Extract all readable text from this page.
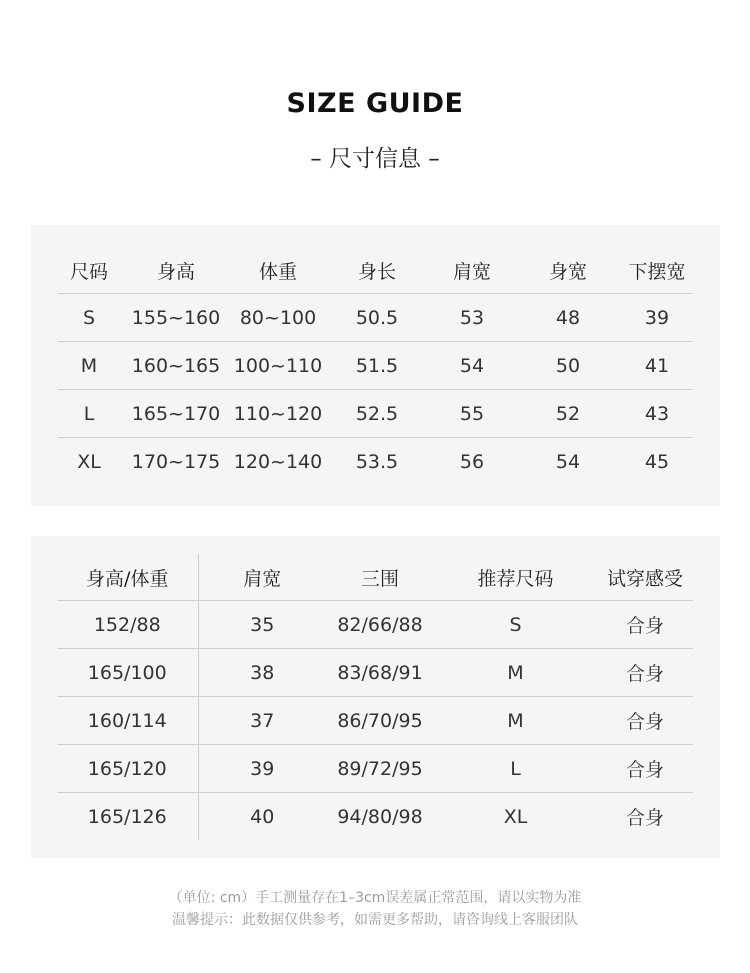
SIZE GUIDE
– 尺寸信息 –
尺码	身高	体重	身长	肩宽	身宽	下摆宽
S	155~160	80~100	50.5	53	48	39
M	160~165	100~110	51.5	54	50	41
L	165~170	110~120	52.5	55	52	43
XL	170~175	120~140	53.5	56	54	45
身高/体重	肩宽	三围	推荐尺码	试穿感受
152/88	35	82/66/88	S	合身
165/100	38	83/68/91	M	合身
160/114	37	86/70/95	M	合身
165/120	39	89/72/95	L	合身
165/126	40	94/80/98	XL	合身
（单位: cm）手工测量存在1–3cm误差属正常范围，请以实物为准
温馨提示：此数据仅供参考，如需更多帮助，请咨询线上客服团队
